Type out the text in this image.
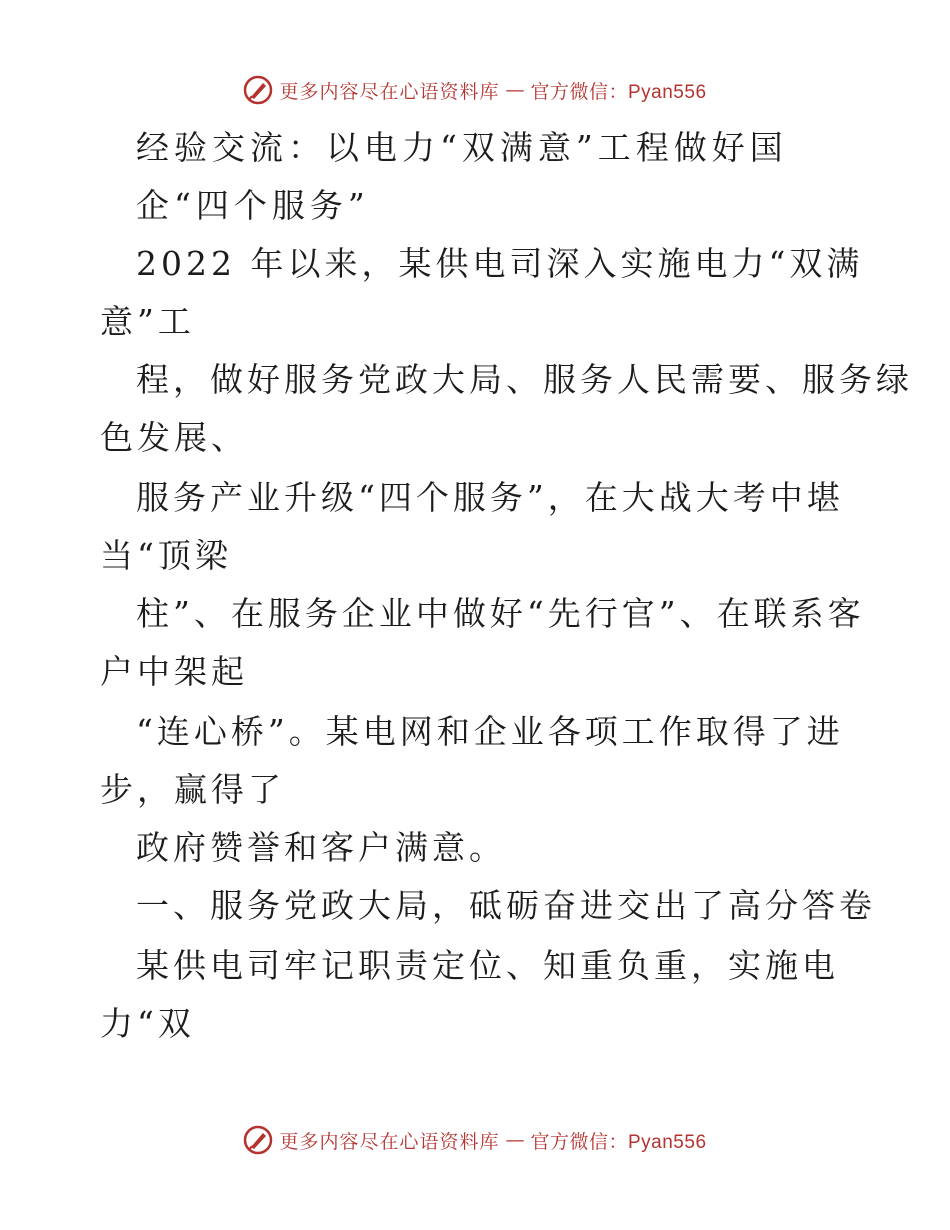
更多内容尽在心语资料库 — 官方微信：Pyan556
经验交流：以电力“双满意”工程做好国
企“四个服务”
2022 年以来，某供电司深入实施电力“双满
意”工
程，做好服务党政大局、服务人民需要、服务绿
色发展、
服务产业升级“四个服务”，在大战大考中堪
当“顶梁
柱”、在服务企业中做好“先行官”、在联系客
户中架起
“连心桥”。某电网和企业各项工作取得了进
步，赢得了
政府赞誉和客户满意。
一、服务党政大局，砥砺奋进交出了高分答卷
某供电司牢记职责定位、知重负重，实施电
力“双
更多内容尽在心语资料库 — 官方微信：Pyan556
